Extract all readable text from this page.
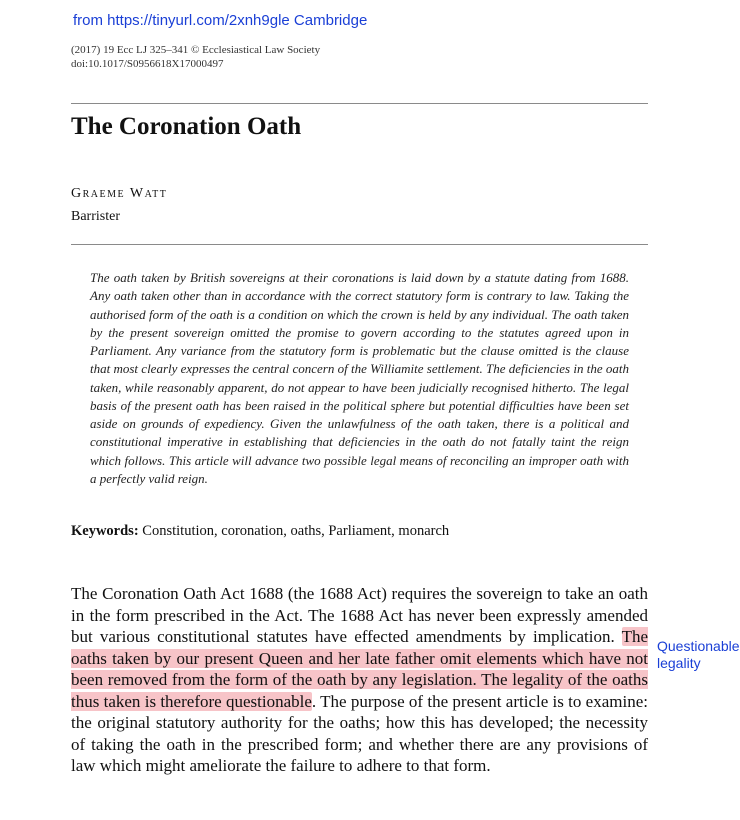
from https://tinyurl.com/2xnh9gle Cambridge
(2017) 19 Ecc LJ 325–341 © Ecclesiastical Law Society
doi:10.1017/S0956618X17000497
The Coronation Oath
Graeme Watt
Barrister
The oath taken by British sovereigns at their coronations is laid down by a statute dating from 1688. Any oath taken other than in accordance with the correct statutory form is contrary to law. Taking the authorised form of the oath is a condition on which the crown is held by any individual. The oath taken by the present sovereign omitted the promise to govern according to the statutes agreed upon in Parliament. Any variance from the statutory form is problematic but the clause omitted is the clause that most clearly expresses the central concern of the Williamite settlement. The deficiencies in the oath taken, while reasonably apparent, do not appear to have been judicially recognised hitherto. The legal basis of the present oath has been raised in the political sphere but potential difficulties have been set aside on grounds of expediency. Given the unlawfulness of the oath taken, there is a political and constitutional imperative in establishing that deficiencies in the oath do not fatally taint the reign which follows. This article will advance two possible legal means of reconciling an improper oath with a perfectly valid reign.
Keywords: Constitution, coronation, oaths, Parliament, monarch
The Coronation Oath Act 1688 (the 1688 Act) requires the sovereign to take an oath in the form prescribed in the Act. The 1688 Act has never been expressly amended but various constitutional statutes have effected amendments by implication. The oaths taken by our present Queen and her late father omit elements which have not been removed from the form of the oath by any legislation. The legality of the oaths thus taken is therefore questionable. The purpose of the present article is to examine: the original statutory authority for the oaths; how this has developed; the necessity of taking the oath in the prescribed form; and whether there are any provisions of law which might ameliorate the failure to adhere to that form.
Questionable legality
